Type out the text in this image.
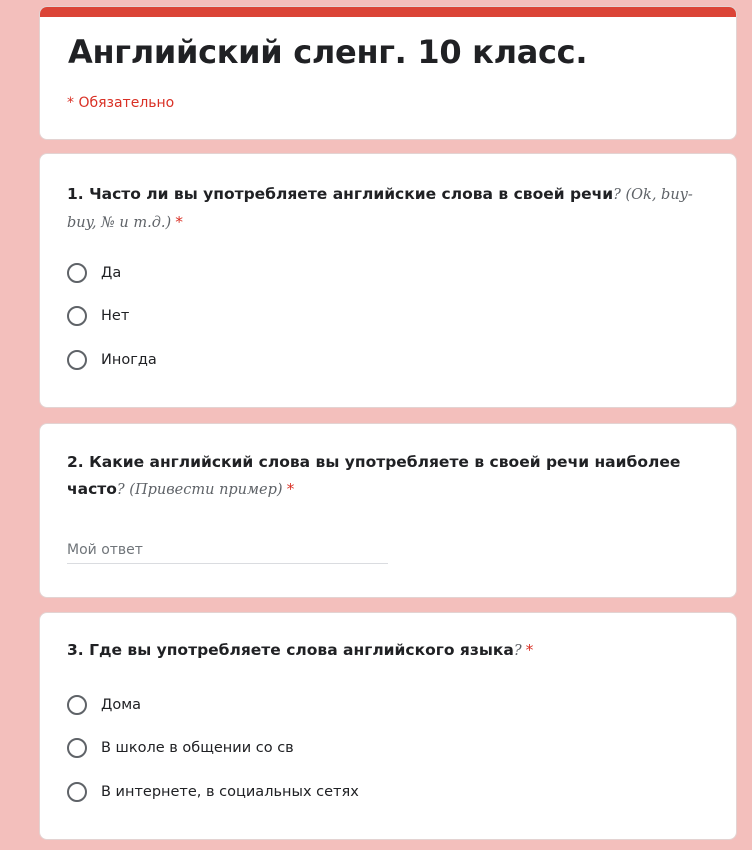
Английский сленг. 10 класс.
* Обязательно
1. Часто ли вы употребляете английские слова в своей речи? (Ok, buy-buy, № и т.д.) *
Да
Нет
Иногда
2. Какие английский слова вы употребляете в своей речи наиболее часто? (Привести пример) *
Мой ответ
3. Где вы употребляете слова английского языка? *
Дома
В школе в общении со св
В интернете, в социальных сетях
